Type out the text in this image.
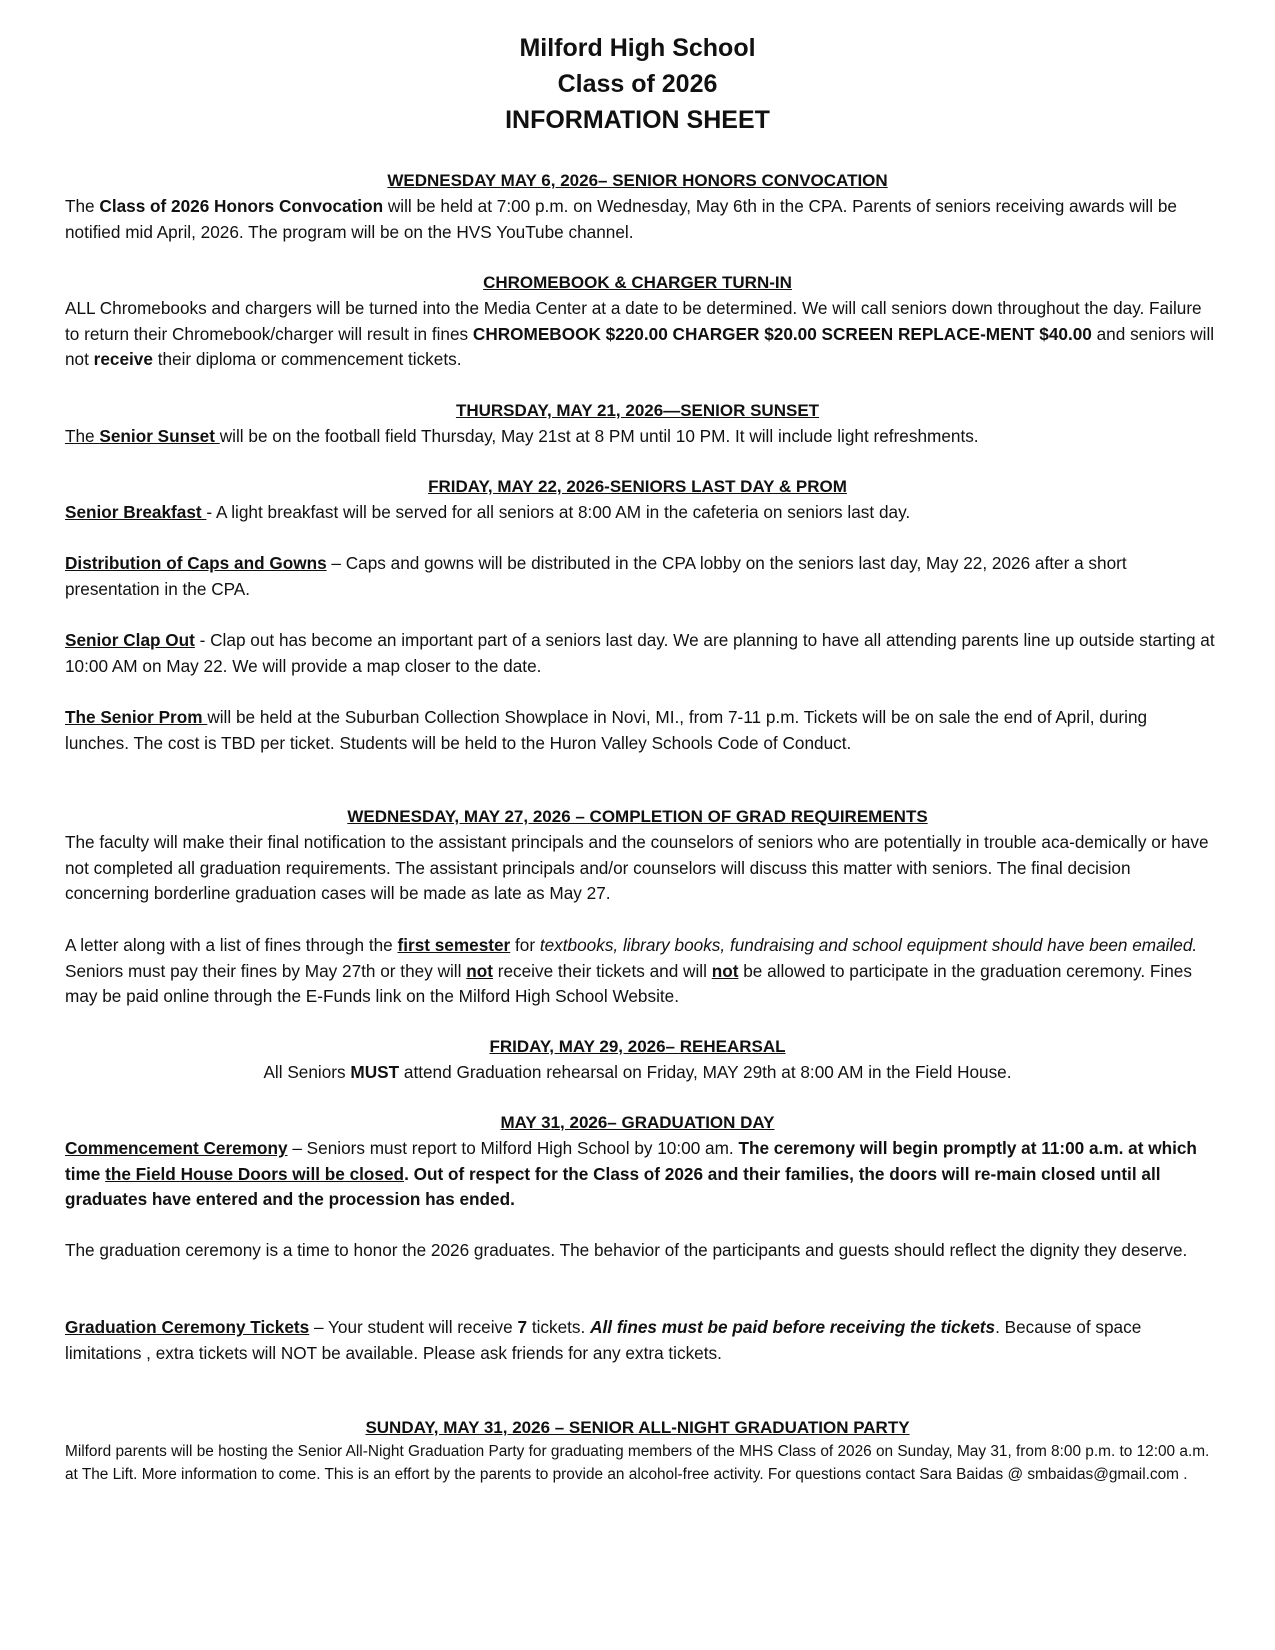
Milford High School
Class of 2026
INFORMATION SHEET
WEDNESDAY MAY 6, 2026– SENIOR HONORS CONVOCATION
The Class of 2026 Honors Convocation will be held at 7:00 p.m. on Wednesday, May 6th in the CPA. Parents of seniors receiving awards will be notified mid April, 2026. The program will be on the HVS YouTube channel.
CHROMEBOOK & CHARGER TURN-IN
ALL Chromebooks and chargers will be turned into the Media Center at a date to be determined. We will call seniors down throughout the day. Failure to return their Chromebook/charger will result in fines CHROMEBOOK $220.00 CHARGER $20.00 SCREEN REPLACE-MENT $40.00 and seniors will not receive their diploma or commencement tickets.
THURSDAY, MAY 21, 2026—SENIOR SUNSET
The Senior Sunset will be on the football field Thursday, May 21st at 8 PM until 10 PM. It will include light refreshments.
FRIDAY, MAY 22, 2026-SENIORS LAST DAY & PROM
Senior Breakfast - A light breakfast will be served for all seniors at 8:00 AM in the cafeteria on seniors last day.
Distribution of Caps and Gowns – Caps and gowns will be distributed in the CPA lobby on the seniors last day, May 22, 2026 after a short presentation in the CPA.
Senior Clap Out - Clap out has become an important part of a seniors last day. We are planning to have all attending parents line up outside starting at 10:00 AM on May 22. We will provide a map closer to the date.
The Senior Prom will be held at the Suburban Collection Showplace in Novi, MI., from 7-11 p.m. Tickets will be on sale the end of April, during lunches. The cost is TBD per ticket. Students will be held to the Huron Valley Schools Code of Conduct.
WEDNESDAY, MAY 27, 2026 – COMPLETION OF GRAD REQUIREMENTS
The faculty will make their final notification to the assistant principals and the counselors of seniors who are potentially in trouble aca-demically or have not completed all graduation requirements. The assistant principals and/or counselors will discuss this matter with seniors. The final decision concerning borderline graduation cases will be made as late as May 27.
A letter along with a list of fines through the first semester for textbooks, library books, fundraising and school equipment should have been emailed. Seniors must pay their fines by May 27th or they will not receive their tickets and will not be allowed to participate in the graduation ceremony. Fines may be paid online through the E-Funds link on the Milford High School Website.
FRIDAY, MAY 29, 2026– REHEARSAL
All Seniors MUST attend Graduation rehearsal on Friday, MAY 29th at 8:00 AM in the Field House.
MAY 31, 2026– GRADUATION DAY
Commencement Ceremony – Seniors must report to Milford High School by 10:00 am. The ceremony will begin promptly at 11:00 a.m. at which time the Field House Doors will be closed. Out of respect for the Class of 2026 and their families, the doors will re-main closed until all graduates have entered and the procession has ended.
The graduation ceremony is a time to honor the 2026 graduates. The behavior of the participants and guests should reflect the dignity they deserve.
Graduation Ceremony Tickets – Your student will receive 7 tickets. All fines must be paid before receiving the tickets. Because of space limitations , extra tickets will NOT be available. Please ask friends for any extra tickets.
SUNDAY, MAY 31, 2026 – SENIOR ALL-NIGHT GRADUATION PARTY
Milford parents will be hosting the Senior All-Night Graduation Party for graduating members of the MHS Class of 2026 on Sunday, May 31, from 8:00 p.m. to 12:00 a.m. at The Lift. More information to come. This is an effort by the parents to provide an alcohol-free activity. For questions contact Sara Baidas @ smbaidas@gmail.com .
